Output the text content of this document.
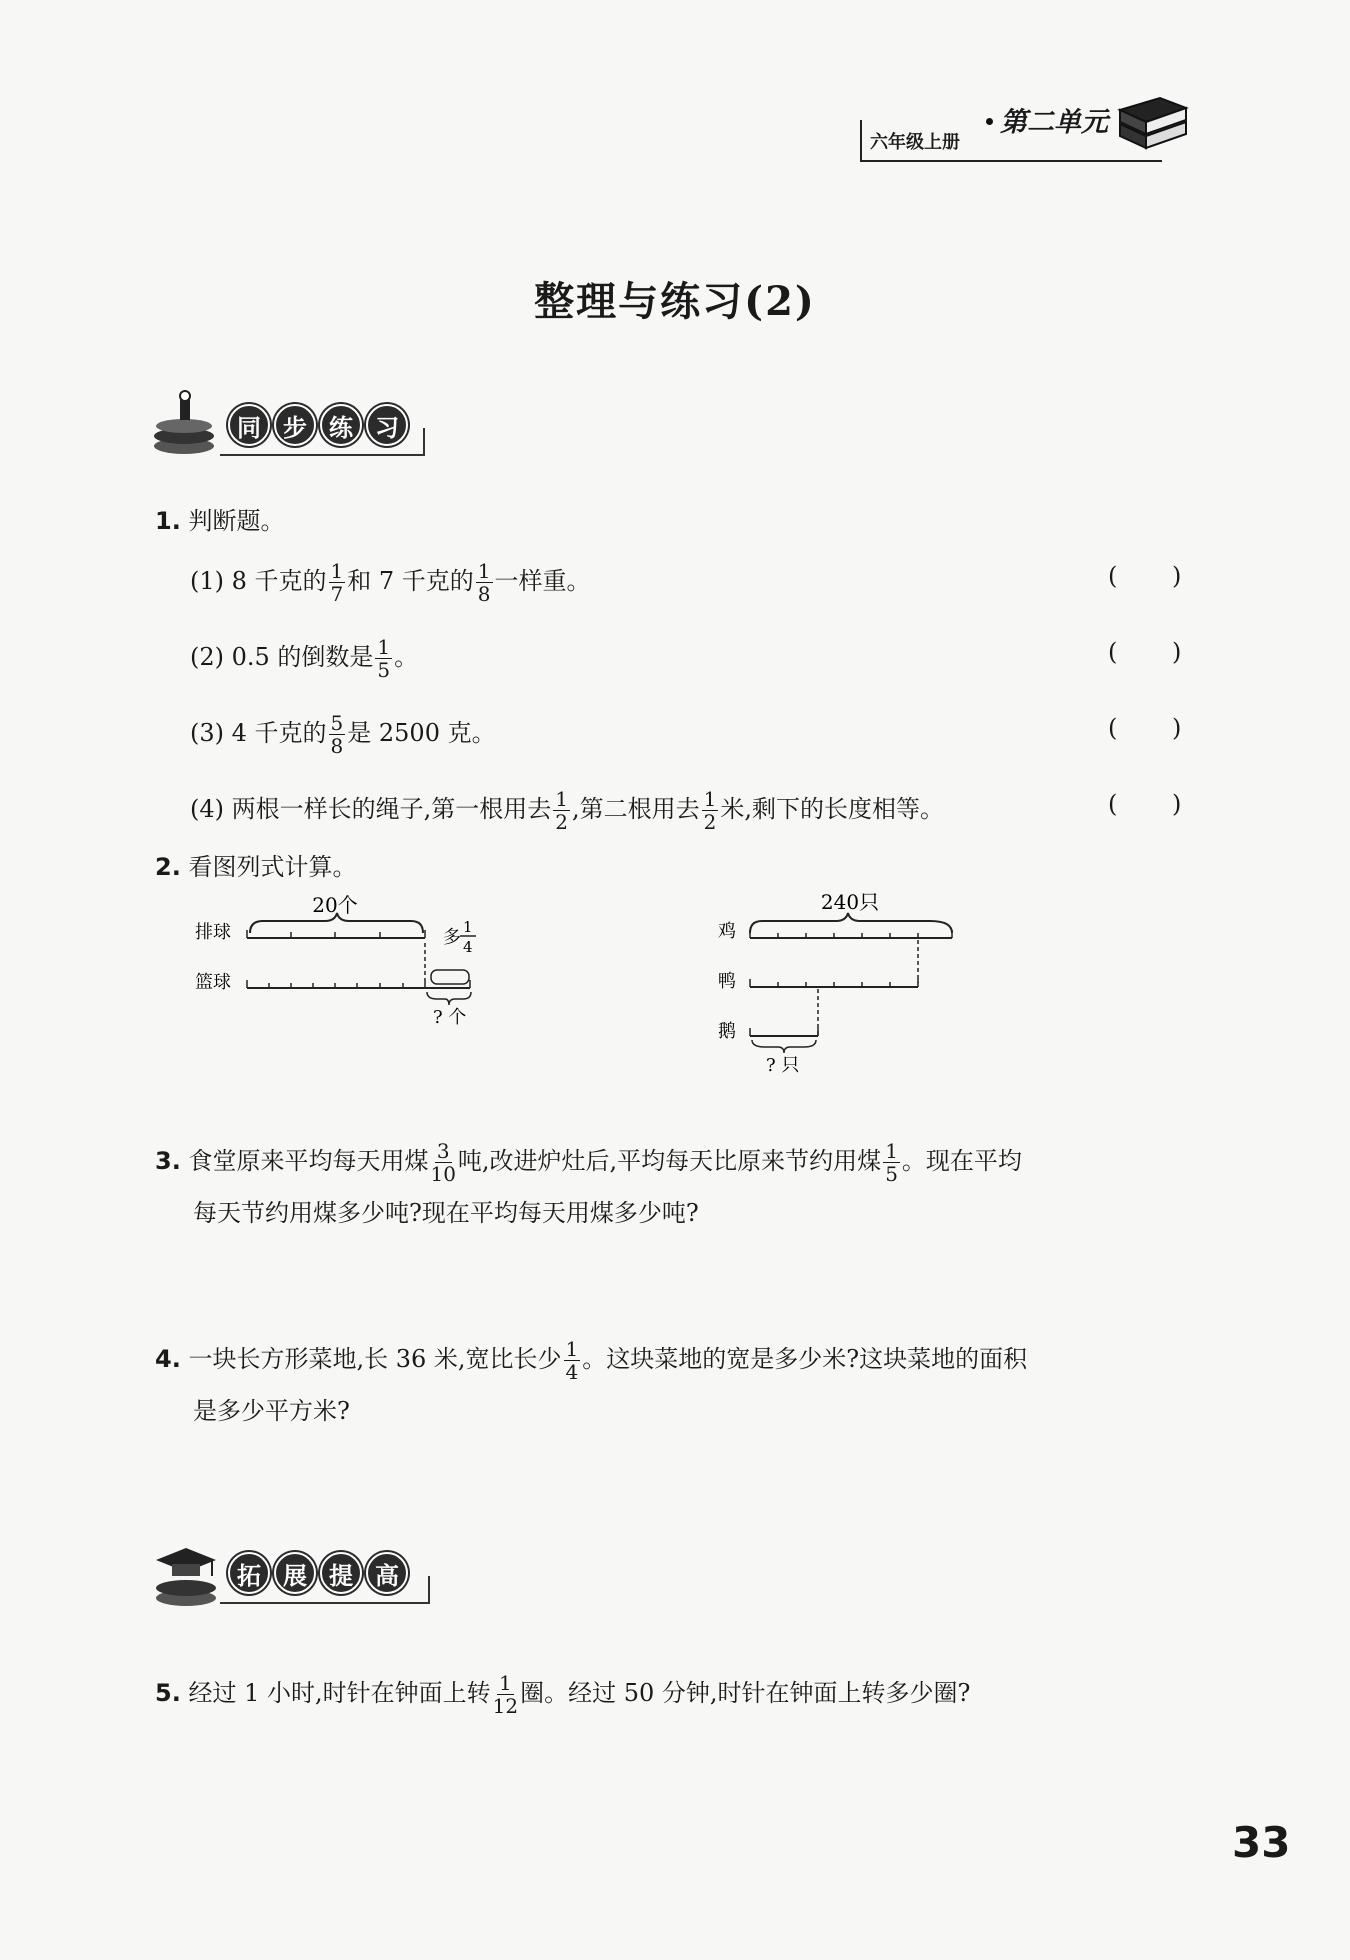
六年级上册
第二单元
整理与练习(2)
同 步 练 习
1. 判断题。
(1) 8 千克的 $\frac{1}{7}$ 和 7 千克的 $\frac{1}{8}$ 一样重。
(2) 0.5 的倒数是 $\frac{1}{5}$ 。
(3) 4 千克的 $\frac{5}{8}$ 是 2500 克。
(4) 两根一样长的绳子,第一根用去 $\frac{1}{2}$ ,第二根用去 $\frac{1}{2}$ 米,剩下的长度相等。
( )
( )
( )
( )
2. 看图列式计算。
20个
排球	多 1
4
篮球
? 个
240只
鸡
鸭
鹅
? 只
3. 食堂原来平均每天用煤 $\frac{3}{10}$ 吨,改进炉灶后,平均每天比原来节约用煤 $\frac{1}{5}$ 。现在平均
每天节约用煤多少吨?现在平均每天用煤多少吨?
4. 一块长方形菜地,长 36 米,宽比长少 $\frac{1}{4}$ 。这块菜地的宽是多少米?这块菜地的面积
是多少平方米?
拓 展 提 高
5. 经过 1 小时,时针在钟面上转 $\frac{1}{12}$ 圈。经过 50 分钟,时针在钟面上转多少圈?
33
